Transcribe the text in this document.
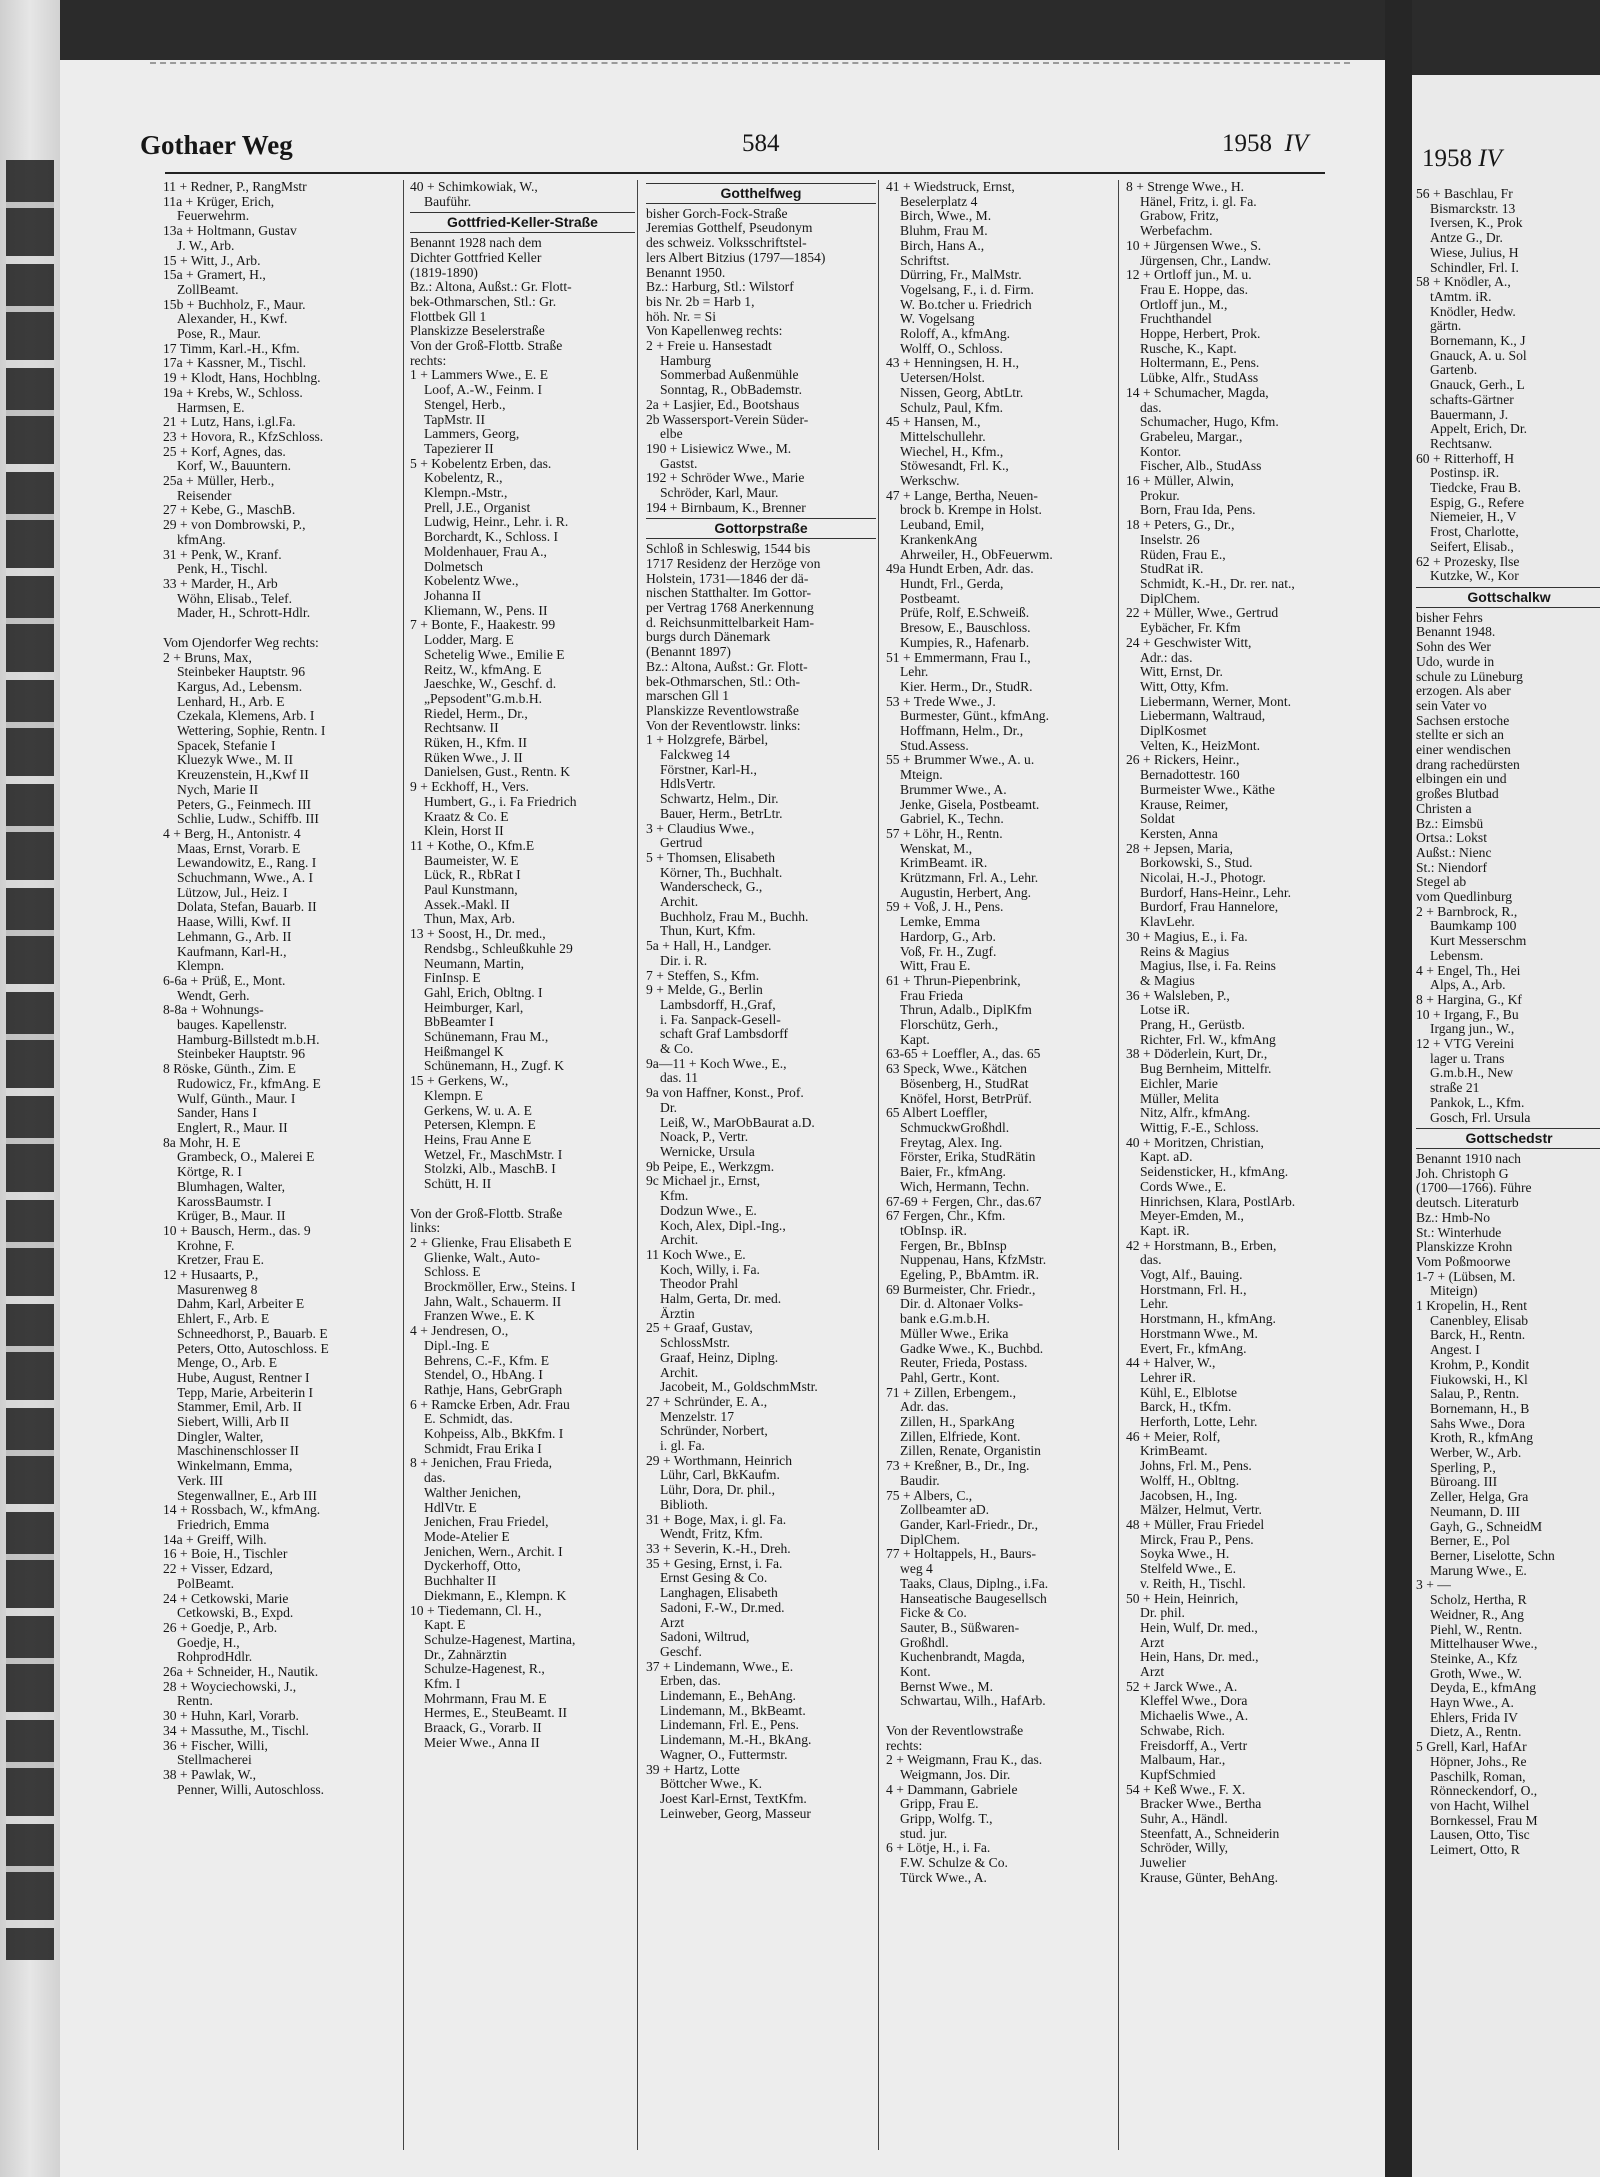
Gothaer Weg	584	1958 IV
11 + Redner, P., RangMstr
11a + Krüger, Erich,
Feuerwehrm.
13a + Holtmann, Gustav
J. W., Arb.
15 + Witt, J., Arb.
15a + Gramert, H.,
ZollBeamt.
15b + Buchholz, F., Maur.
Alexander, H., Kwf.
Pose, R., Maur.
17 Timm, Karl.-H., Kfm.
17a + Kassner, M., Tischl.
19 + Klodt, Hans, Hochblng.
19a + Krebs, W., Schloss.
Harmsen, E.
21 + Lutz, Hans, i.gl.Fa.
23 + Hovora, R., KfzSchloss.
25 + Korf, Agnes, das.
Korf, W., Bauuntern.
25a + Müller, Herb.,
Reisender
27 + Kebe, G., MaschB.
29 + von Dombrowski, P.,
kfmAng.
31 + Penk, W., Kranf.
Penk, H., Tischl.
33 + Marder, H., Arb
Wöhn, Elisab., Telef.
Mader, H., Schrott-Hdlr.

Vom Ojendorfer Weg rechts:
2 + Bruns, Max,
Steinbeker Hauptstr. 96
Kargus, Ad., Lebensm.
Lenhard, H., Arb. E
Czekala, Klemens, Arb. I
Wettering, Sophie, Rentn. I
Spacek, Stefanie I
Kluezyk Wwe., M. II
Kreuzenstein, H.,Kwf II
Nych, Marie II
Peters, G., Feinmech. III
Schlie, Ludw., Schiffb. III
4 + Berg, H., Antonistr. 4
Maas, Ernst, Vorarb. E
Lewandowitz, E., Rang. I
Schuchmann, Wwe., A. I
Lützow, Jul., Heiz. I
Dolata, Stefan, Bauarb. II
Haase, Willi, Kwf. II
Lehmann, G., Arb. II
Kaufmann, Karl-H.,
Klempn.
6-6a + Prüß, E., Mont.
Wendt, Gerh.
8-8a + Wohnungs-
bauges. Kapellenstr.
Hamburg-Billstedt m.b.H.
Steinbeker Hauptstr. 96
8 Röske, Günth., Zim. E
Rudowicz, Fr., kfmAng. E
Wulf, Günth., Maur. I
Sander, Hans I
Englert, R., Maur. II
8a Mohr, H. E
Grambeck, O., Malerei E
Körtge, R. I
Blumhagen, Walter,
KarossBaumstr. I
Krüger, B., Maur. II
10 + Bausch, Herm., das. 9
Krohne, F.
Kretzer, Frau E.
12 + Husaarts, P.,
Masurenweg 8
Dahm, Karl, Arbeiter E
Ehlert, F., Arb. E
Schneedhorst, P., Bauarb. E
Peters, Otto, Autoschloss. E
Menge, O., Arb. E
Hube, August, Rentner I
Tepp, Marie, Arbeiterin I
Stammer, Emil, Arb. II
Siebert, Willi, Arb II
Dingler, Walter,
Maschinenschlosser II
Winkelmann, Emma,
Verk. III
Stegenwallner, E., Arb III
14 + Rossbach, W., kfmAng.
Friedrich, Emma
14a + Greiff, Wilh.
16 + Boie, H., Tischler
22 + Visser, Edzard,
PolBeamt.
24 + Cetkowski, Marie
Cetkowski, B., Expd.
26 + Goedje, P., Arb.
Goedje, H.,
RohprodHdlr.
26a + Schneider, H., Nautik.
28 + Woyciechowski, J.,
Rentn.
30 + Huhn, Karl, Vorarb.
34 + Massuthe, M., Tischl.
36 + Fischer, Willi,
Stellmacherei
38 + Pawlak, W.,
Penner, Willi, Autoschloss.
40 + Schimkowiak, W.,
Bauführ.
Gottfried-Keller-Straße
Benannt 1928 nach dem
Dichter Gottfried Keller
(1819-1890)
Bz.: Altona, Außst.: Gr. Flott-
bek-Othmarschen, Stl.: Gr.
Flottbek Gll 1
Planskizze Beselerstraße
Von der Groß-Flottb. Straße
rechts:
1 + Lammers Wwe., E. E
Loof, A.-W., Feinm. I
Stengel, Herb.,
TapMstr. II
Lammers, Georg,
Tapezierer II
5 + Kobelentz Erben, das.
Kobelentz, R.,
Klempn.-Mstr.,
Prell, J.E., Organist
Ludwig, Heinr., Lehr. i. R.
Borchardt, K., Schloss. I
Moldenhauer, Frau A.,
Dolmetsch
Kobelentz Wwe.,
Johanna II
Kliemann, W., Pens. II
7 + Bonte, F., Haakestr. 99
Lodder, Marg. E
Schetelig Wwe., Emilie E
Reitz, W., kfmAng. E
Jaeschke, W., Geschf. d.
„Pepsodent"G.m.b.H.
Riedel, Herm., Dr.,
Rechtsanw. II
Rüken, H., Kfm. II
Rüken Wwe., J. II
Danielsen, Gust., Rentn. K
9 + Eckhoff, H., Vers.
Humbert, G., i. Fa Friedrich
Kraatz & Co. E
Klein, Horst II
11 + Kothe, O., Kfm.E
Baumeister, W. E
Lück, R., RbRat I
Paul Kunstmann,
Assek.-Makl. II
Thun, Max, Arb.
13 + Soost, H., Dr. med.,
Rendsbg., Schleußkuhle 29
Neumann, Martin,
FinInsp. E
Gahl, Erich, Obltng. I
Heimburger, Karl,
BbBeamter I
Schünemann, Frau M.,
Heißmangel K
Schünemann, H., Zugf. K
15 + Gerkens, W.,
Klempn. E
Gerkens, W. u. A. E
Petersen, Klempn. E
Heins, Frau Anne E
Wetzel, Fr., MaschMstr. I
Stolzki, Alb., MaschB. I
Schütt, H. II

Von der Groß-Flottb. Straße
links:
2 + Glienke, Frau Elisabeth E
Glienke, Walt., Auto-
Schloss. E
Brockmöller, Erw., Steins. I
Jahn, Walt., Schauerm. II
Franzen Wwe., E. K
4 + Jendresen, O.,
Dipl.-Ing. E
Behrens, C.-F., Kfm. E
Stendel, O., HbAng. I
Rathje, Hans, GebrGraph
6 + Ramcke Erben, Adr. Frau
E. Schmidt, das.
Kohpeiss, Alb., BkKfm. I
Schmidt, Frau Erika I
8 + Jenichen, Frau Frieda,
das.
Walther Jenichen,
HdlVtr. E
Jenichen, Frau Friedel,
Mode-Atelier E
Jenichen, Wern., Archit. I
Dyckerhoff, Otto,
Buchhalter II
Diekmann, E., Klempn. K
10 + Tiedemann, Cl. H.,
Kapt. E
Schulze-Hagenest, Martina,
Dr., Zahnärztin
Schulze-Hagenest, R.,
Kfm. I
Mohrmann, Frau M. E
Hermes, E., SteuBeamt. II
Braack, G., Vorarb. II
Meier Wwe., Anna II
Gotthelfweg
bisher Gorch-Fock-Straße
Jeremias Gotthelf, Pseudonym
des schweiz. Volksschriftstel-
lers Albert Bitzius (1797—1854)
Benannt 1950.
Bz.: Harburg, Stl.: Wilstorf
bis Nr. 2b = Harb 1,
höh. Nr. = Si
Von Kapellenweg rechts:
2 + Freie u. Hansestadt
Hamburg
Sommerbad Außenmühle
Sonntag, R., ObBademstr.
2a + Lasjier, Ed., Bootshaus
2b Wassersport-Verein Süder-
elbe
190 + Lisiewicz Wwe., M.
Gastst.
192 + Schröder Wwe., Marie
Schröder, Karl, Maur.
194 + Birnbaum, K., Brenner
Gottorpstraße
Schloß in Schleswig, 1544 bis
1717 Residenz der Herzöge von
Holstein, 1731—1846 der dä-
nischen Statthalter. Im Gottor-
per Vertrag 1768 Anerkennung
d. Reichsunmittelbarkeit Ham-
burgs durch Dänemark
(Benannt 1897)
Bz.: Altona, Außst.: Gr. Flott-
bek-Othmarschen, Stl.: Oth-
marschen Gll 1
Planskizze Reventlowstraße
Von der Reventlowstr. links:
1 + Holzgrefe, Bärbel,
Falckweg 14
Förstner, Karl-H.,
HdlsVertr.
Schwartz, Helm., Dir.
Bauer, Herm., BetrLtr.
3 + Claudius Wwe.,
Gertrud
5 + Thomsen, Elisabeth
Körner, Th., Buchhalt.
Wanderscheck, G.,
Archit.
Buchholz, Frau M., Buchh.
Thun, Kurt, Kfm.
5a + Hall, H., Landger.
Dir. i. R.
7 + Steffen, S., Kfm.
9 + Melde, G., Berlin
Lambsdorff, H.,Graf,
i. Fa. Sanpack-Gesell-
schaft Graf Lambsdorff
& Co.
9a—11 + Koch Wwe., E.,
das. 11
9a von Haffner, Konst., Prof.
Dr.
Leiß, W., MarObBaurat a.D.
Noack, P., Vertr.
Wernicke, Ursula
9b Peipe, E., Werkzgm.
9c Michael jr., Ernst,
Kfm.
Dodzun Wwe., E.
Koch, Alex, Dipl.-Ing.,
Archit.
11 Koch Wwe., E.
Koch, Willy, i. Fa.
Theodor Prahl
Halm, Gerta, Dr. med.
Ärztin
25 + Graaf, Gustav,
SchlossMstr.
Graaf, Heinz, Diplng.
Archit.
Jacobeit, M., GoldschmMstr.
27 + Schründer, E. A.,
Menzelstr. 17
Schründer, Norbert,
i. gl. Fa.
29 + Worthmann, Heinrich
Lühr, Carl, BkKaufm.
Lühr, Dora, Dr. phil.,
Biblioth.
31 + Boge, Max, i. gl. Fa.
Wendt, Fritz, Kfm.
33 + Severin, K.-H., Dreh.
35 + Gesing, Ernst, i. Fa.
Ernst Gesing & Co.
Langhagen, Elisabeth
Sadoni, F.-W., Dr.med.
Arzt
Sadoni, Wiltrud,
Geschf.
37 + Lindemann, Wwe., E.
Erben, das.
Lindemann, E., BehAng.
Lindemann, M., BkBeamt.
Lindemann, Frl. E., Pens.
Lindemann, M.-H., BkAng.
Wagner, O., Futtermstr.
39 + Hartz, Lotte
Böttcher Wwe., K.
Joest Karl-Ernst, TextKfm.
Leinweber, Georg, Masseur
41 + Wiedstruck, Ernst,
Beselerplatz 4
Birch, Wwe., M.
Bluhm, Frau M.
Birch, Hans A.,
Schriftst.
Dürring, Fr., MalMstr.
Vogelsang, F., i. d. Firm.
W. Bo.tcher u. Friedrich
W. Vogelsang
Roloff, A., kfmAng.
Wolff, O., Schloss.
43 + Henningsen, H. H.,
Uetersen/Holst.
Nissen, Georg, AbtLtr.
Schulz, Paul, Kfm.
45 + Hansen, M.,
Mittelschullehr.
Wiechel, H., Kfm.,
Stöwesandt, Frl. K.,
Werkschw.
47 + Lange, Bertha, Neuen-
brock b. Krempe in Holst.
Leuband, Emil,
KrankenkAng
Ahrweiler, H., ObFeuerwm.
49a Hundt Erben, Adr. das.
Hundt, Frl., Gerda,
Postbeamt.
Prüfe, Rolf, E.Schweiß.
Bresow, E., Bauschloss.
Kumpies, R., Hafenarb.
51 + Emmermann, Frau I.,
Lehr.
Kier. Herm., Dr., StudR.
53 + Trede Wwe., J.
Burmester, Günt., kfmAng.
Hoffmann, Helm., Dr.,
Stud.Assess.
55 + Brummer Wwe., A. u.
Mteign.
Brummer Wwe., A.
Jenke, Gisela, Postbeamt.
Gabriel, K., Techn.
57 + Löhr, H., Rentn.
Wenskat, M.,
KrimBeamt. iR.
Krützmann, Frl. A., Lehr.
Augustin, Herbert, Ang.
59 + Voß, J. H., Pens.
Lemke, Emma
Hardorp, G., Arb.
Voß, Fr. H., Zugf.
Witt, Frau E.
61 + Thrun-Piepenbrink,
Frau Frieda
Thrun, Adalb., DiplKfm
Florschütz, Gerh.,
Kapt.
63-65 + Loeffler, A., das. 65
63 Speck, Wwe., Kätchen
Bösenberg, H., StudRat
Knöfel, Horst, BetrPrüf.
65 Albert Loeffler,
SchmuckwGroßhdl.
Freytag, Alex. Ing.
Förster, Erika, StudRätin
Baier, Fr., kfmAng.
Wich, Hermann, Techn.
67-69 + Fergen, Chr., das.67
67 Fergen, Chr., Kfm.
tObInsp. iR.
Fergen, Br., BbInsp
Nuppenau, Hans, KfzMstr.
Egeling, P., BbAmtm. iR.
69 Burmeister, Chr. Friedr.,
Dir. d. Altonaer Volks-
bank e.G.m.b.H.
Müller Wwe., Erika
Gadke Wwe., K., Buchbd.
Reuter, Frieda, Postass.
Pahl, Gertr., Kont.
71 + Zillen, Erbengem.,
Adr. das.
Zillen, H., SparkAng
Zillen, Elfriede, Kont.
Zillen, Renate, Organistin
73 + Kreßner, B., Dr., Ing.
Baudir.
75 + Albers, C.,
Zollbeamter aD.
Gander, Karl-Friedr., Dr.,
DiplChem.
77 + Holtappels, H., Baurs-
weg 4
Taaks, Claus, Diplng., i.Fa.
Hanseatische Baugesellsch
Ficke & Co.
Sauter, B., Süßwaren-
Großhdl.
Kuchenbrandt, Magda,
Kont.
Bernst Wwe., M.
Schwartau, Wilh., HafArb.

Von der Reventlowstraße
rechts:
2 + Weigmann, Frau K., das.
Weigmann, Jos. Dir.
4 + Dammann, Gabriele
Gripp, Frau E.
Gripp, Wolfg. T.,
stud. jur.
6 + Lötje, H., i. Fa.
F.W. Schulze & Co.
Türck Wwe., A.
8 + Strenge Wwe., H.
Hänel, Fritz, i. gl. Fa.
Grabow, Fritz,
Werbefachm.
10 + Jürgensen Wwe., S.
Jürgensen, Chr., Landw.
12 + Ortloff jun., M. u.
Frau E. Hoppe, das.
Ortloff jun., M.,
Fruchthandel
Hoppe, Herbert, Prok.
Rusche, K., Kapt.
Holtermann, E., Pens.
Lübke, Alfr., StudAss
14 + Schumacher, Magda,
das.
Schumacher, Hugo, Kfm.
Grabeleu, Margar.,
Kontor.
Fischer, Alb., StudAss
16 + Müller, Alwin,
Prokur.
Born, Frau Ida, Pens.
18 + Peters, G., Dr.,
Inselstr. 26
Rüden, Frau E.,
StudRat iR.
Schmidt, K.-H., Dr. rer. nat.,
DiplChem.
22 + Müller, Wwe., Gertrud
Eybächer, Fr. Kfm
24 + Geschwister Witt,
Adr.: das.
Witt, Ernst, Dr.
Witt, Otty, Kfm.
Liebermann, Werner, Mont.
Liebermann, Waltraud,
DiplKosmet
Velten, K., HeizMont.
26 + Rickers, Heinr.,
Bernadottestr. 160
Burmeister Wwe., Käthe
Krause, Reimer,
Soldat
Kersten, Anna
28 + Jepsen, Maria,
Borkowski, S., Stud.
Nicolai, H.-J., Photogr.
Burdorf, Hans-Heinr., Lehr.
Burdorf, Frau Hannelore,
KlavLehr.
30 + Magius, E., i. Fa.
Reins & Magius
Magius, Ilse, i. Fa. Reins
& Magius
36 + Walsleben, P.,
Lotse iR.
Prang, H., Gerüstb.
Richter, Frl. W., kfmAng
38 + Döderlein, Kurt, Dr.,
Bug Bernheim, Mittelfr.
Eichler, Marie
Müller, Melita
Nitz, Alfr., kfmAng.
Wittig, F.-E., Schloss.
40 + Moritzen, Christian,
Kapt. aD.
Seidensticker, H., kfmAng.
Cords Wwe., E.
Hinrichsen, Klara, PostlArb.
Meyer-Emden, M.,
Kapt. iR.
42 + Horstmann, B., Erben,
das.
Vogt, Alf., Bauing.
Horstmann, Frl. H.,
Lehr.
Horstmann, H., kfmAng.
Horstmann Wwe., M.
Evert, Fr., kfmAng.
44 + Halver, W.,
Lehrer iR.
Kühl, E., Elblotse
Barck, H., tKfm.
Herforth, Lotte, Lehr.
46 + Meier, Rolf,
KrimBeamt.
Johns, Frl. M., Pens.
Wolff, H., Obltng.
Jacobsen, H., Ing.
Mälzer, Helmut, Vertr.
48 + Müller, Frau Friedel
Mirck, Frau P., Pens.
Soyka Wwe., H.
Stelfeld Wwe., E.
v. Reith, H., Tischl.
50 + Hein, Heinrich,
Dr. phil.
Hein, Wulf, Dr. med.,
Arzt
Hein, Hans, Dr. med.,
Arzt
52 + Jarck Wwe., A.
Kleffel Wwe., Dora
Michaelis Wwe., A.
Schwabe, Rich.
Freisdorff, A., Vertr
Malbaum, Har.,
KupfSchmied
54 + Keß Wwe., F. X.
Bracker Wwe., Bertha
Suhr, A., Händl.
Steenfatt, A., Schneiderin
Schröder, Willy,
Juwelier
Krause, Günter, BehAng.
1958 IV
56 + Baschlau, Fr
Bismarckstr. 13
Iversen, K., Prok
Antze G., Dr.
Wiese, Julius, H
Schindler, Frl. I.
58 + Knödler, A.,
tAmtm. iR.
Knödler, Hedw.
gärtn.
Bornemann, K., J
Gnauck, A. u. Sol
Gartenb.
Gnauck, Gerh., L
schafts-Gärtner
Bauermann, J.
Appelt, Erich, Dr.
Rechtsanw.
60 + Ritterhoff, H
Postinsp. iR.
Tiedcke, Frau B.
Espig, G., Refere
Niemeier, H., V
Frost, Charlotte,
Seifert, Elisab.,
62 + Prozesky, Ilse
Kutzke, W., Kor
Gottschalkw
bisher Fehrs
Benannt 1948.
Sohn des Wer
Udo, wurde in
schule zu Lüneburg
erzogen. Als aber
sein Vater vo
Sachsen erstoche
stellte er sich an
einer wendischen
drang rachedürsten
elbingen ein und
großes Blutbad
Christen a
Bz.: Eimsbü
Ortsa.: Lokst
Außst.: Nienc
St.: Niendorf
Stegel ab
vom Quedlinburg
2 + Barnbrock, R.,
Baumkamp 100
Kurt Messerschm
Lebensm.
4 + Engel, Th., Hei
Alps, A., Arb.
8 + Hargina, G., Kf
10 + Irgang, F., Bu
Irgang jun., W.,
12 + VTG Vereini
lager u. Trans
G.m.b.H., New
straße 21
Pankok, L., Kfm.
Gosch, Frl. Ursula
Gottschedstr
Benannt 1910 nach
Joh. Christoph G
(1700—1766). Führe
deutsch. Literaturb
Bz.: Hmb-No
St.: Winterhude
Planskizze Krohn
Vom Poßmoorwe
1-7 + (Lübsen, M.
Miteign)
1 Kropelin, H., Rent
Canenbley, Elisab
Barck, H., Rentn.
Angest. I
Krohm, P., Kondit
Fiukowski, H., Kl
Salau, P., Rentn.
Bornemann, H., B
Sahs Wwe., Dora
Kroth, R., kfmAng
Werber, W., Arb.
Sperling, P.,
Büroang. III
Zeller, Helga, Gra
Neumann, D. III
Gayh, G., SchneidM
Berner, E., Pol
Berner, Liselotte, Schn
Marung Wwe., E.
3 + —
Scholz, Hertha, R
Weidner, R., Ang
Piehl, W., Rentn.
Mittelhauser Wwe.,
Steinke, A., Kfz
Groth, Wwe., W.
Deyda, E., kfmAng
Hayn Wwe., A.
Ehlers, Frida IV
Dietz, A., Rentn.
5 Grell, Karl, HafAr
Höpner, Johs., Re
Paschilk, Roman,
Rönneckendorf, O.,
von Hacht, Wilhel
Bornkessel, Frau M
Lausen, Otto, Tisc
Leimert, Otto, R
